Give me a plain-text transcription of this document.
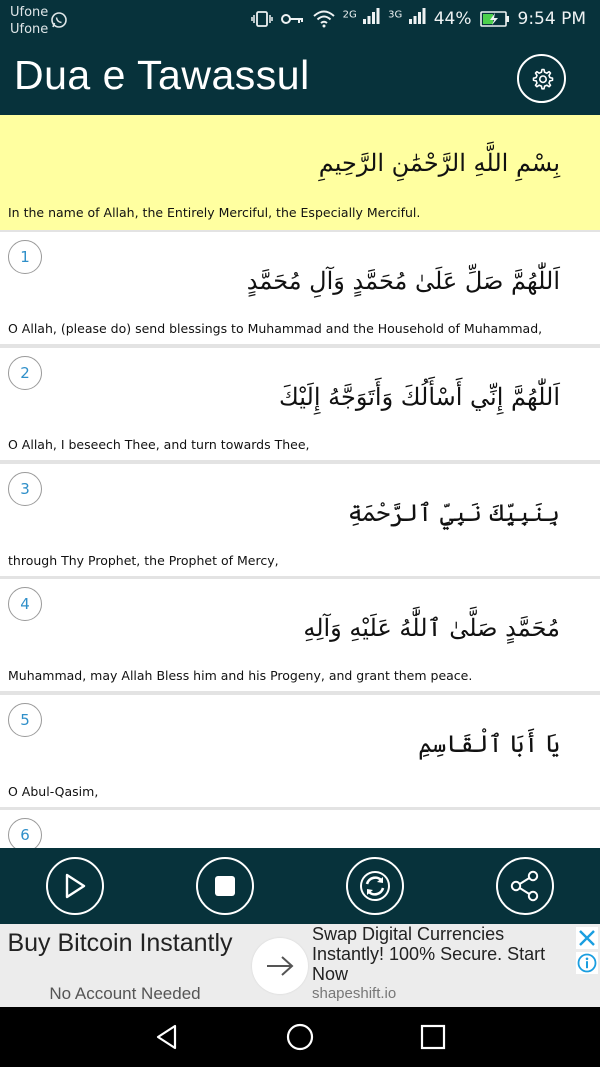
Ufone
Ufone
$^{2G}$	$^{3G}$	44%	9:54 PM
Dua e Tawassul
بِسْمِ اللَّهِ الرَّحْمَٰنِ الرَّحِيمِ
In the name of Allah, the Entirely Merciful, the Especially Merciful.
1
اَللّٰهُمَّ صَلِّ عَلَىٰ مُحَمَّدٍ وَآلِ مُحَمَّدٍ
O Allah, (please do) send blessings to Muhammad and the Household of Muhammad,
2
اَللّٰهُمَّ إِنِّي أَسْأَلُكَ وَأَتَوَجَّهُ إِلَيْكَ
O Allah, I beseech Thee, and turn towards Thee,
3
بِنَبِيِّكَ نَبِيِّ ٱلرَّحْمَةِ
through Thy Prophet, the Prophet of Mercy,
4
مُحَمَّدٍ صَلَّىٰ ٱللَّٰهُ عَلَيْهِ وَآلِهِ
Muhammad, may Allah Bless him and his Progeny, and grant them peace.
5
يَا أَبَا ٱلْقَاسِمِ
O Abul-Qasim,
6
Buy Bitcoin Instantly
No Account Needed
Swap Digital Currencies Instantly! 100% Secure. Start Now
shapeshift.io
